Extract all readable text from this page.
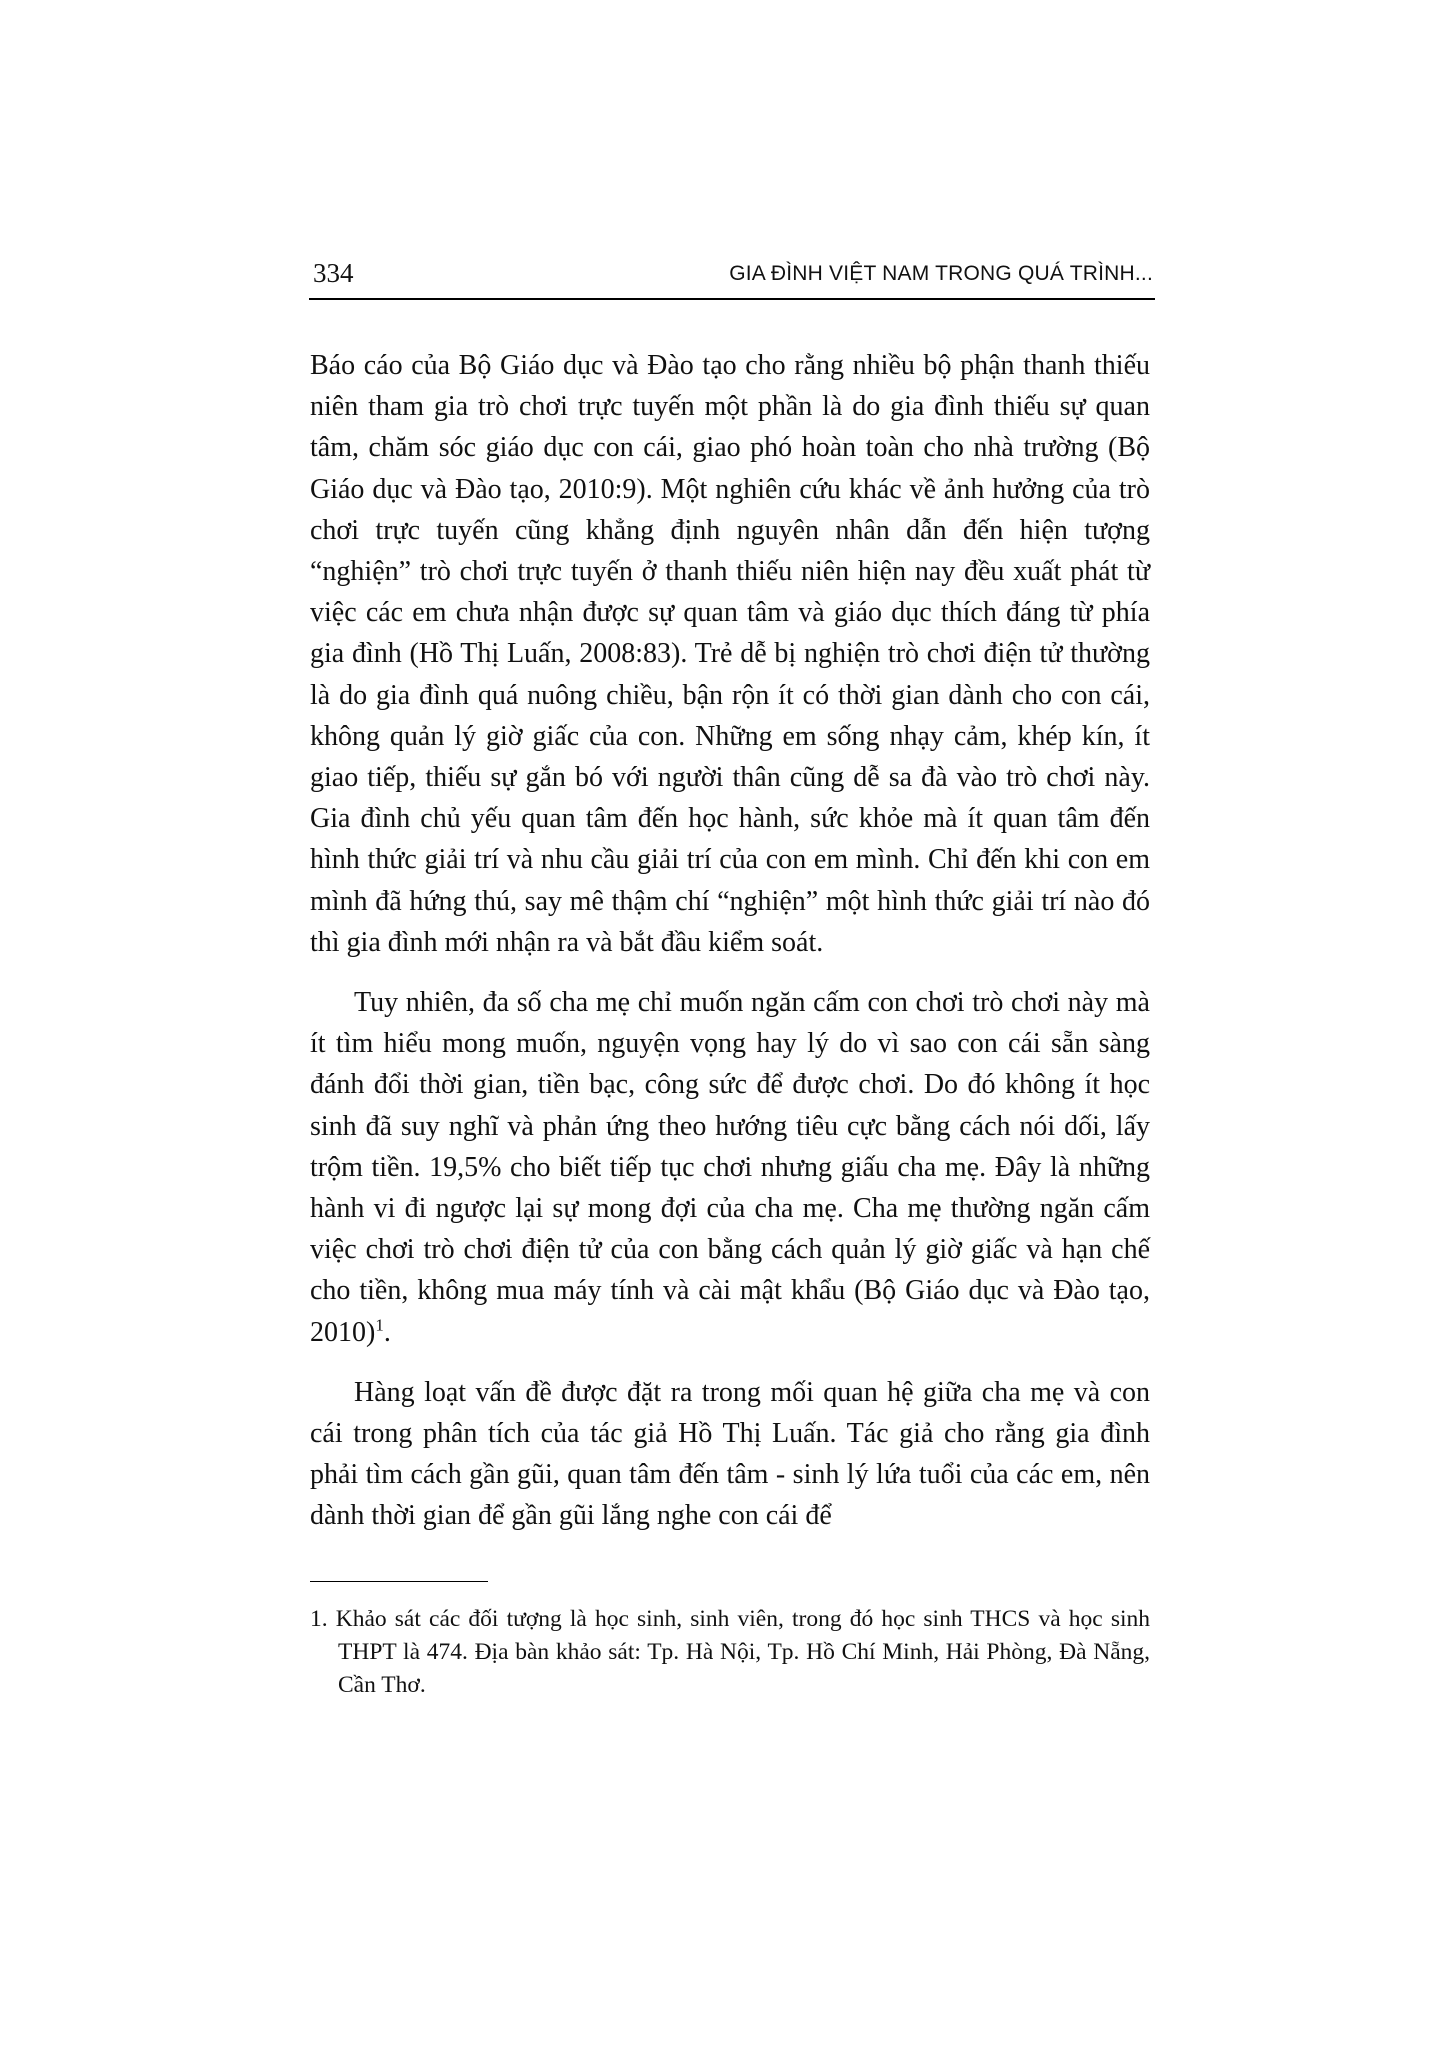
334	GIA ĐÌNH VIỆT NAM TRONG QUÁ TRÌNH...

Báo cáo của Bộ Giáo dục và Đào tạo cho rằng nhiều bộ phận thanh thiếu niên tham gia trò chơi trực tuyến một phần là do gia đình thiếu sự quan tâm, chăm sóc giáo dục con cái, giao phó hoàn toàn cho nhà trường (Bộ Giáo dục và Đào tạo, 2010:9). Một nghiên cứu khác về ảnh hưởng của trò chơi trực tuyến cũng khẳng định nguyên nhân dẫn đến hiện tượng “nghiện” trò chơi trực tuyến ở thanh thiếu niên hiện nay đều xuất phát từ việc các em chưa nhận được sự quan tâm và giáo dục thích đáng từ phía gia đình (Hồ Thị Luấn, 2008:83). Trẻ dễ bị nghiện trò chơi điện tử thường là do gia đình quá nuông chiều, bận rộn ít có thời gian dành cho con cái, không quản lý giờ giấc của con. Những em sống nhạy cảm, khép kín, ít giao tiếp, thiếu sự gắn bó với người thân cũng dễ sa đà vào trò chơi này. Gia đình chủ yếu quan tâm đến học hành, sức khỏe mà ít quan tâm đến hình thức giải trí và nhu cầu giải trí của con em mình. Chỉ đến khi con em mình đã hứng thú, say mê thậm chí “nghiện” một hình thức giải trí nào đó thì gia đình mới nhận ra và bắt đầu kiểm soát.

Tuy nhiên, đa số cha mẹ chỉ muốn ngăn cấm con chơi trò chơi này mà ít tìm hiểu mong muốn, nguyện vọng hay lý do vì sao con cái sẵn sàng đánh đổi thời gian, tiền bạc, công sức để được chơi. Do đó không ít học sinh đã suy nghĩ và phản ứng theo hướng tiêu cực bằng cách nói dối, lấy trộm tiền. 19,5% cho biết tiếp tục chơi nhưng giấu cha mẹ. Đây là những hành vi đi ngược lại sự mong đợi của cha mẹ. Cha mẹ thường ngăn cấm việc chơi trò chơi điện tử của con bằng cách quản lý giờ giấc và hạn chế cho tiền, không mua máy tính và cài mật khẩu (Bộ Giáo dục và Đào tạo, 2010)$^1$.

Hàng loạt vấn đề được đặt ra trong mối quan hệ giữa cha mẹ và con cái trong phân tích của tác giả Hồ Thị Luấn. Tác giả cho rằng gia đình phải tìm cách gần gũi, quan tâm đến tâm - sinh lý lứa tuổi của các em, nên dành thời gian để gần gũi lắng nghe con cái để

1. Khảo sát các đối tượng là học sinh, sinh viên, trong đó học sinh THCS và học sinh THPT là 474. Địa bàn khảo sát: Tp. Hà Nội, Tp. Hồ Chí Minh, Hải Phòng, Đà Nẵng, Cần Thơ.
